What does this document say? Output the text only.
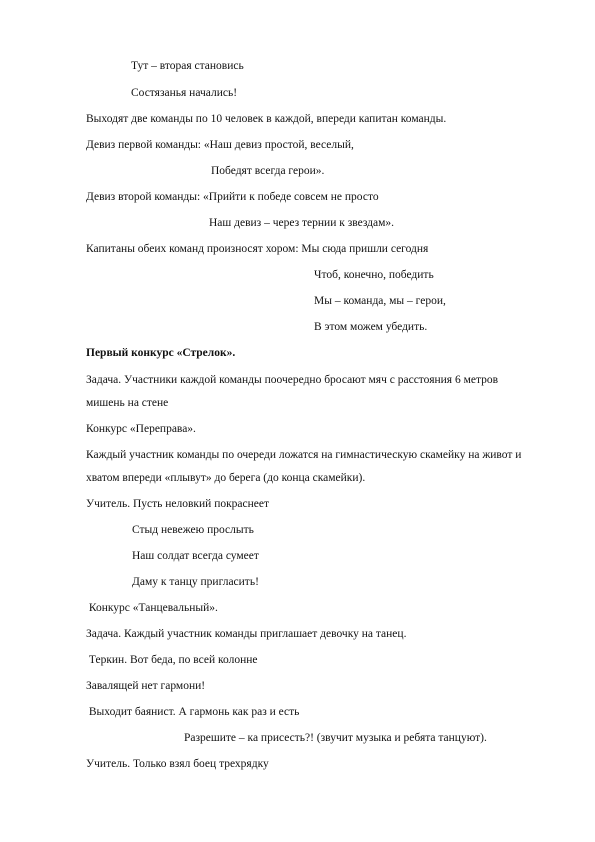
Тут – вторая становись
Состязанья начались!
Выходят две команды по 10 человек в каждой, впереди капитан команды.
Девиз первой команды: «Наш девиз простой, веселый,
Победят всегда герои».
Девиз второй команды: «Прийти к победе совсем не просто
Наш девиз – через тернии к звездам».
Капитаны обеих команд произносят хором: Мы сюда пришли сегодня
Чтоб, конечно, победить
Мы – команда, мы – герои,
В этом можем убедить.
Первый конкурс «Стрелок».
Задача. Участники каждой команды поочередно бросают мяч с расстояния 6 метров
мишень на стене
Конкурс «Переправа».
Каждый участник команды по очереди ложатся на гимнастическую скамейку на живот и
хватом впереди «плывут» до берега (до конца скамейки).
Учитель. Пусть неловкий покраснеет
Стыд невежею прослыть
Наш солдат всегда сумеет
Даму к танцу пригласить!
Конкурс «Танцевальный».
Задача. Каждый участник команды приглашает девочку на танец.
Теркин. Вот беда, по всей колонне
Завалящей нет гармони!
Выходит баянист. А гармонь как раз и есть
Разрешите – ка присесть?! (звучит музыка и ребята танцуют).
Учитель. Только взял боец трехрядку
